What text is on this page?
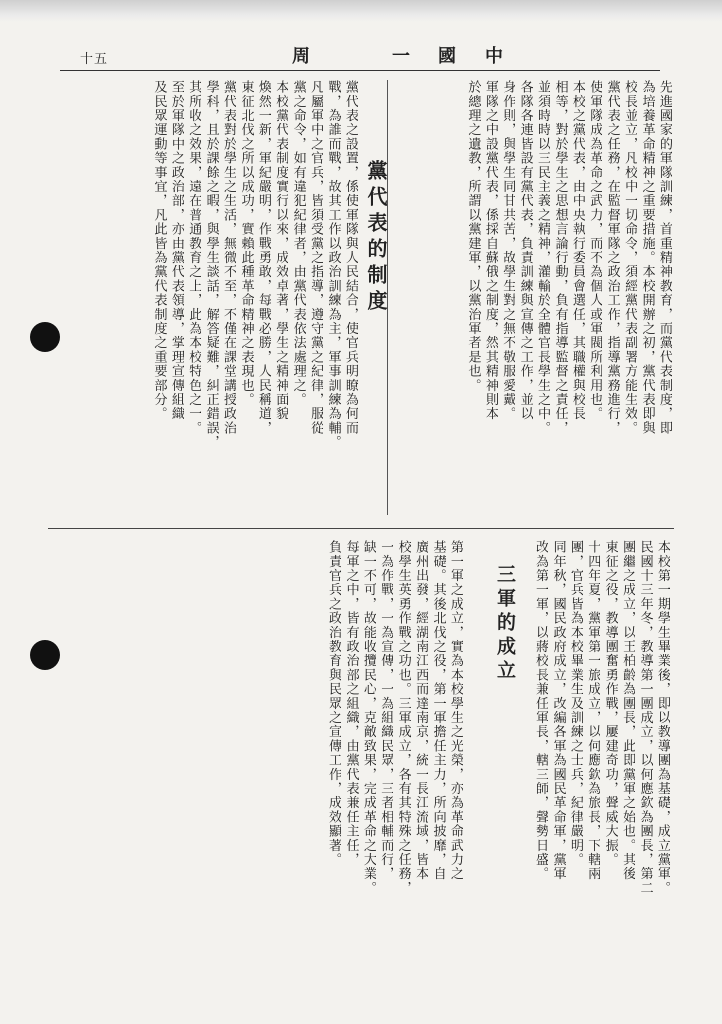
十五	周	一 國 中
先進國家的軍隊訓練，首重精神教育，而黨代表制度，即
為培養革命精神之重要措施。本校開辦之初，黨代表即與
校長並立，凡校中一切命令，須經黨代表副署方能生效。
黨代表之任務，在監督軍隊之政治工作，指導黨務進行，
使軍隊成為革命之武力，而不為個人或軍閥所利用也。
本校之黨代表，由中央執行委員會選任，其職權與校長
相等，對於學生之思想言論行動，負有指導監督之責任，
並須時時以三民主義之精神，灌輸於全體官長學生之中。
各隊各連皆設有黨代表，負責訓練與宣傳之工作，並以
身作則，與學生同甘共苦，故學生對之無不敬服愛戴。
軍隊之中設黨代表，係採自蘇俄之制度，然其精神則本
於總理之遺教，所謂以黨建軍，以黨治軍者是也。
黨代表的制度
黨代表之設置，係使軍隊與人民結合，使官兵明瞭為何而
戰，為誰而戰，故其工作以政治訓練為主，軍事訓練為輔。
凡屬軍中之官兵，皆須受黨之指導，遵守黨之紀律，服從
黨之命令，如有違犯紀律者，由黨代表依法處理之。
本校黨代表制度實行以來，成效卓著，學生之精神面貌
煥然一新，軍紀嚴明，作戰勇敢，每戰必勝，人民稱道，
東征北伐之所以成功，實賴此種革命精神之表現也。
黨代表對於學生之生活，無微不至，不僅在課堂講授政治
學科，且於課餘之暇，與學生談話，解答疑難，糾正錯誤，
其所收之效果，遠在普通教育之上，此為本校特色之一。
至於軍隊中之政治部，亦由黨代表領導，掌理宣傳組織
及民眾運動等事宜，凡此皆為黨代表制度之重要部分。
本校第一期學生畢業後，即以教導團為基礎，成立黨軍。
民國十三年冬，教導第一團成立，以何應欽為團長，第二
團繼之成立，以王柏齡為團長，此即黨軍之始也。其後
東征之役，教導團奮勇作戰，屢建奇功，聲威大振。
十四年夏，黨軍第一旅成立，以何應欽為旅長，下轄兩
團，官兵皆為本校畢業生及訓練之士兵，紀律嚴明。
同年秋，國民政府成立，改編各軍為國民革命軍，黨軍
改為第一軍，以蔣校長兼任軍長，轄三師，聲勢日盛。
三軍的成立
第一軍之成立，實為本校學生之光榮，亦為革命武力之
基礎。其後北伐之役，第一軍擔任主力，所向披靡，自
廣州出發，經湖南江西而達南京，統一長江流域，皆本
校學生英勇作戰之功也。三軍成立，各有其特殊之任務，
一為作戰，一為宣傳，一為組織民眾，三者相輔而行，
缺一不可，故能收攬民心，克敵致果，完成革命之大業。
每軍之中，皆有政治部之組織，由黨代表兼任主任，
負責官兵之政治教育與民眾之宣傳工作，成效顯著。
